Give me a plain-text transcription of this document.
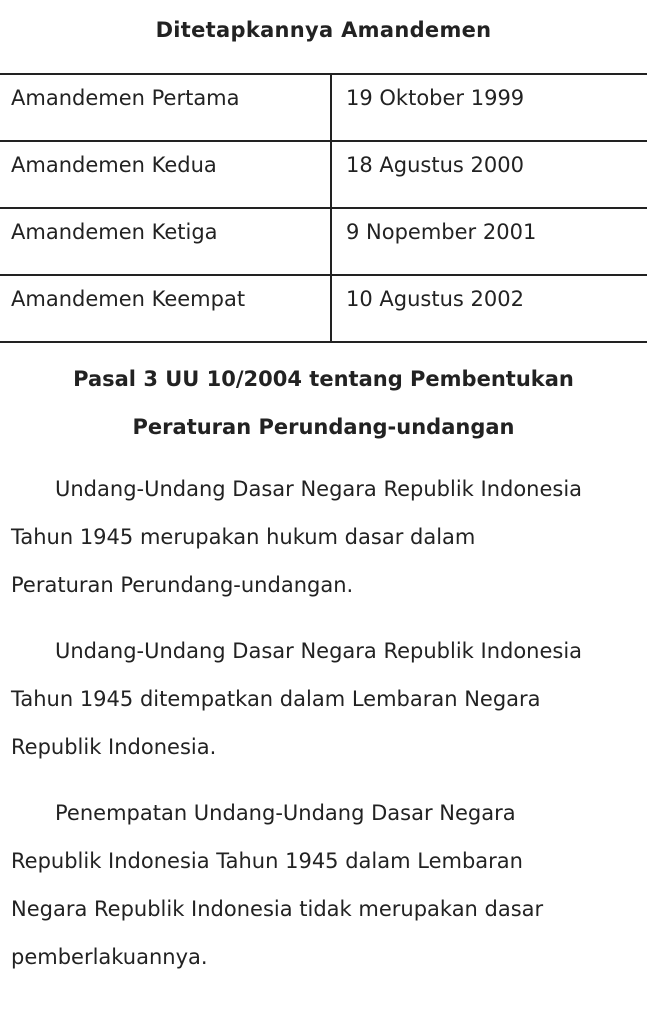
Ditetapkannya Amandemen
Amandemen Pertama	19 Oktober 1999
Amandemen Kedua	18 Agustus 2000
Amandemen Ketiga	9 Nopember 2001
Amandemen Keempat	10 Agustus 2002
Pasal 3 UU 10/2004 tentang Pembentukan
Peraturan Perundang-undangan

Undang-Undang Dasar Negara Republik Indonesia
Tahun 1945 merupakan hukum dasar dalam
Peraturan Perundang-undangan.

Undang-Undang Dasar Negara Republik Indonesia
Tahun 1945 ditempatkan dalam Lembaran Negara
Republik Indonesia.

Penempatan Undang-Undang Dasar Negara
Republik Indonesia Tahun 1945 dalam Lembaran
Negara Republik Indonesia tidak merupakan dasar
pemberlakuannya.
